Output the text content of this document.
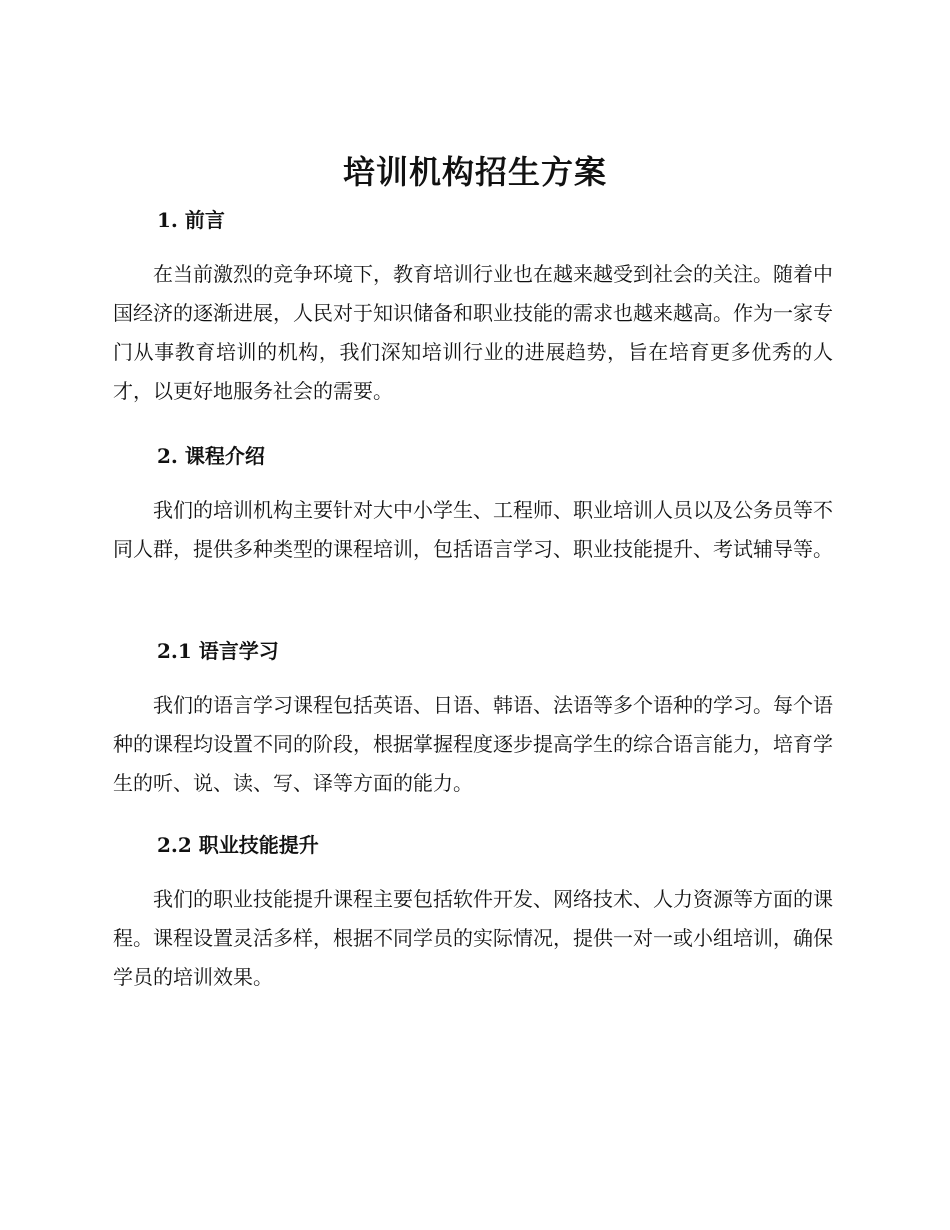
培训机构招生方案
1. 前言

在当前激烈的竞争环境下，教育培训行业也在越来越受到社会的关注。随着中国经济的逐渐进展，人民对于知识储备和职业技能的需求也越来越高。作为一家专门从事教育培训的机构，我们深知培训行业的进展趋势，旨在培育更多优秀的人才，以更好地服务社会的需要。

2. 课程介绍

我们的培训机构主要针对大中小学生、工程师、职业培训人员以及公务员等不同人群，提供多种类型的课程培训，包括语言学习、职业技能提升、考试辅导等。

2.1 语言学习

我们的语言学习课程包括英语、日语、韩语、法语等多个语种的学习。每个语种的课程均设置不同的阶段，根据掌握程度逐步提高学生的综合语言能力，培育学生的听、说、读、写、译等方面的能力。

2.2 职业技能提升

我们的职业技能提升课程主要包括软件开发、网络技术、人力资源等方面的课程。课程设置灵活多样，根据不同学员的实际情况，提供一对一或小组培训，确保学员的培训效果。
